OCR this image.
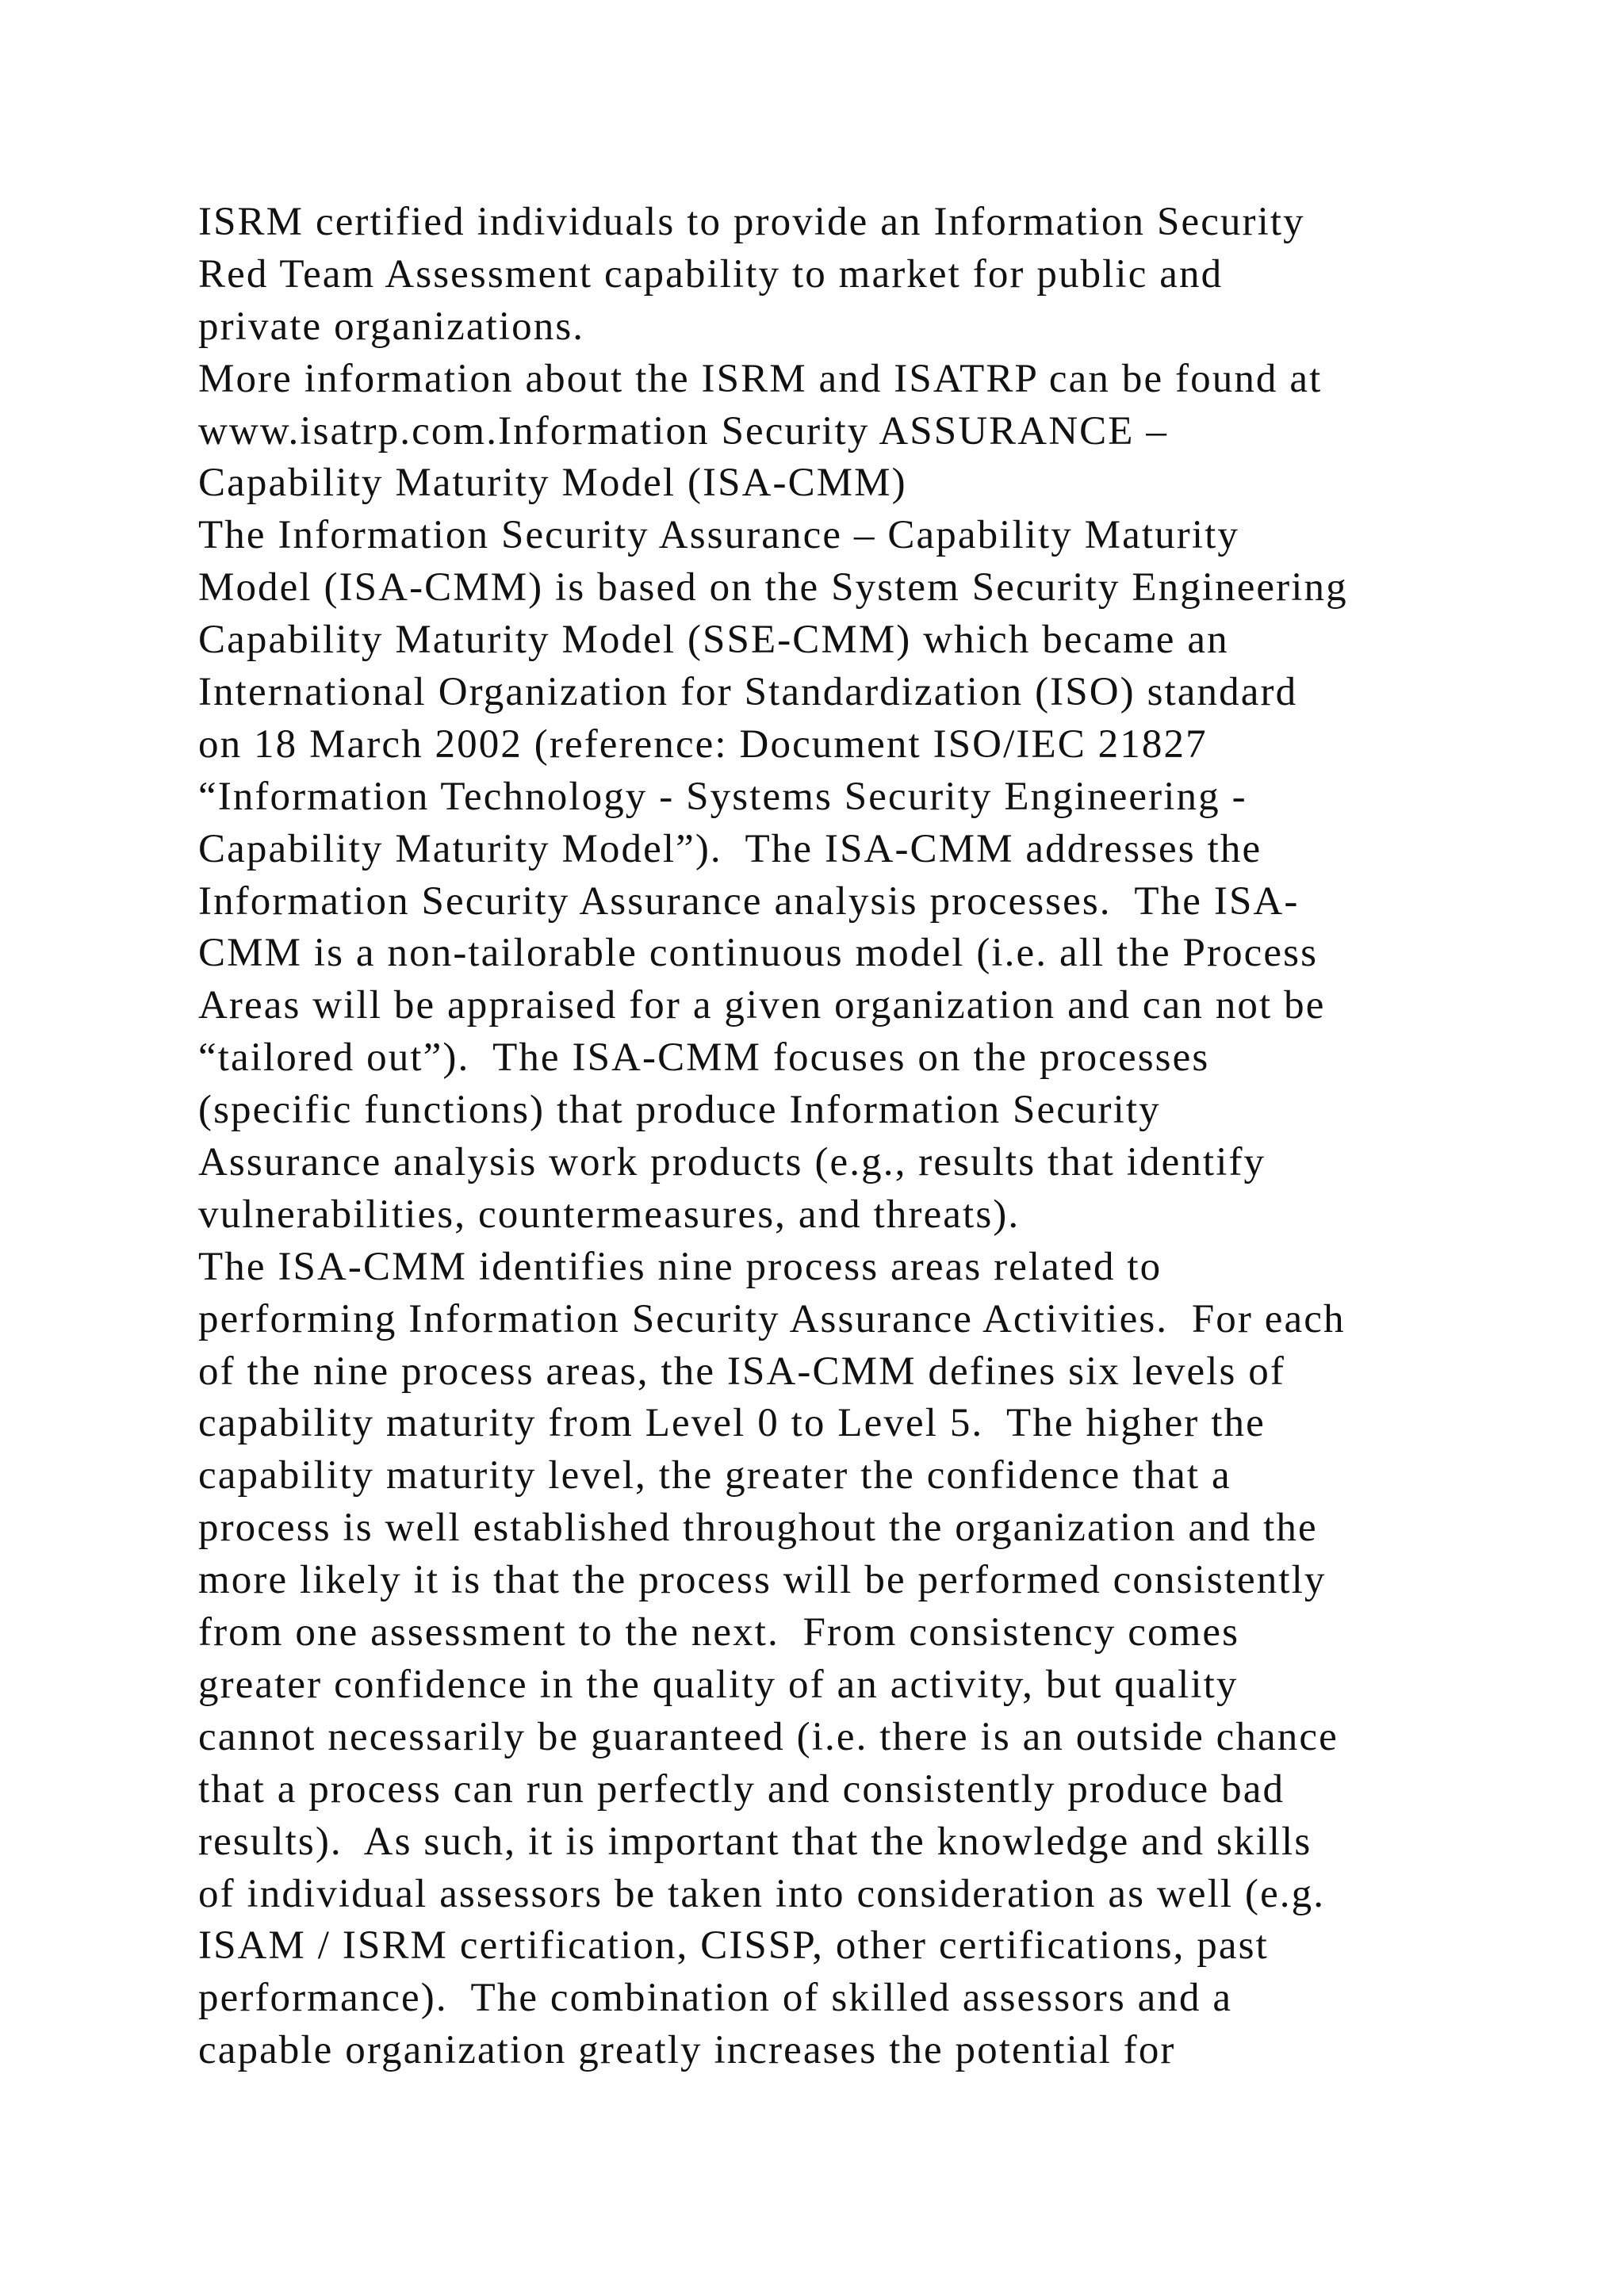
ISRM certified individuals to provide an Information Security
Red Team Assessment capability to market for public and
private organizations.
More information about the ISRM and ISATRP can be found at
www.isatrp.com.Information Security ASSURANCE –
Capability Maturity Model (ISA-CMM)
The Information Security Assurance – Capability Maturity
Model (ISA-CMM) is based on the System Security Engineering
Capability Maturity Model (SSE-CMM) which became an
International Organization for Standardization (ISO) standard
on 18 March 2002 (reference: Document ISO/IEC 21827
“Information Technology - Systems Security Engineering -
Capability Maturity Model”).  The ISA-CMM addresses the
Information Security Assurance analysis processes.  The ISA-
CMM is a non-tailorable continuous model (i.e. all the Process
Areas will be appraised for a given organization and can not be
“tailored out”).  The ISA-CMM focuses on the processes
(specific functions) that produce Information Security
Assurance analysis work products (e.g., results that identify
vulnerabilities, countermeasures, and threats).
The ISA-CMM identifies nine process areas related to
performing Information Security Assurance Activities.  For each
of the nine process areas, the ISA-CMM defines six levels of
capability maturity from Level 0 to Level 5.  The higher the
capability maturity level, the greater the confidence that a
process is well established throughout the organization and the
more likely it is that the process will be performed consistently
from one assessment to the next.  From consistency comes
greater confidence in the quality of an activity, but quality
cannot necessarily be guaranteed (i.e. there is an outside chance
that a process can run perfectly and consistently produce bad
results).  As such, it is important that the knowledge and skills
of individual assessors be taken into consideration as well (e.g.
ISAM / ISRM certification, CISSP, other certifications, past
performance).  The combination of skilled assessors and a
capable organization greatly increases the potential for
